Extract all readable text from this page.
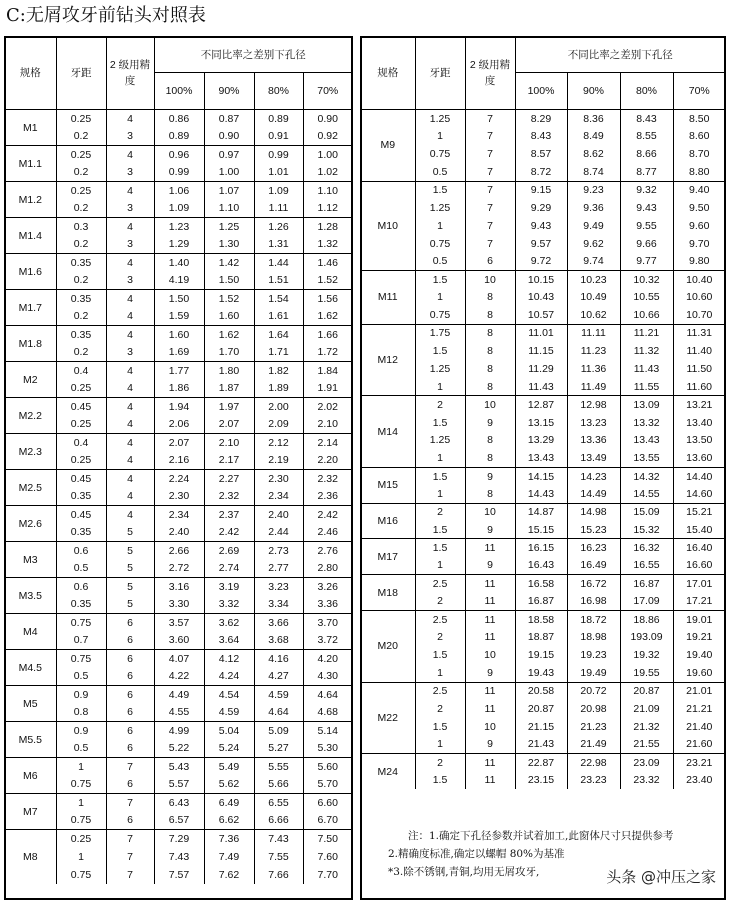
C:无屑攻牙前钻头对照表
规格	牙距	2 级用精度	不同比率之差别下孔径			
			100%	90%	80%	70%
M1	0.25	4	0.86	0.87	0.89	0.90
	0.2	3	0.89	0.90	0.91	0.92
M1.1	0.25	4	0.96	0.97	0.99	1.00
	0.2	3	0.99	1.00	1.01	1.02
M1.2	0.25	4	1.06	1.07	1.09	1.10
	0.2	3	1.09	1.10	1.11	1.12
M1.4	0.3	4	1.23	1.25	1.26	1.28
	0.2	3	1.29	1.30	1.31	1.32
M1.6	0.35	4	1.40	1.42	1.44	1.46
	0.2	3	4.19	1.50	1.51	1.52
M1.7	0.35	4	1.50	1.52	1.54	1.56
	0.2	4	1.59	1.60	1.61	1.62
M1.8	0.35	4	1.60	1.62	1.64	1.66
	0.2	3	1.69	1.70	1.71	1.72
M2	0.4	4	1.77	1.80	1.82	1.84
	0.25	4	1.86	1.87	1.89	1.91
M2.2	0.45	4	1.94	1.97	2.00	2.02
	0.25	4	2.06	2.07	2.09	2.10
M2.3	0.4	4	2.07	2.10	2.12	2.14
	0.25	4	2.16	2.17	2.19	2.20
M2.5	0.45	4	2.24	2.27	2.30	2.32
	0.35	4	2.30	2.32	2.34	2.36
M2.6	0.45	4	2.34	2.37	2.40	2.42
	0.35	5	2.40	2.42	2.44	2.46
M3	0.6	5	2.66	2.69	2.73	2.76
	0.5	5	2.72	2.74	2.77	2.80
M3.5	0.6	5	3.16	3.19	3.23	3.26
	0.35	5	3.30	3.32	3.34	3.36
M4	0.75	6	3.57	3.62	3.66	3.70
	0.7	6	3.60	3.64	3.68	3.72
M4.5	0.75	6	4.07	4.12	4.16	4.20
	0.5	6	4.22	4.24	4.27	4.30
M5	0.9	6	4.49	4.54	4.59	4.64
	0.8	6	4.55	4.59	4.64	4.68
M5.5	0.9	6	4.99	5.04	5.09	5.14
	0.5	6	5.22	5.24	5.27	5.30
M6	1	7	5.43	5.49	5.55	5.60
	0.75	6	5.57	5.62	5.66	5.70
M7	1	7	6.43	6.49	6.55	6.60
	0.75	6	6.57	6.62	6.66	6.70
M8	0.25	7	7.29	7.36	7.43	7.50
	1	7	7.43	7.49	7.55	7.60
	0.75	7	7.57	7.62	7.66	7.70
规格	牙距	2 级用精度	不同比率之差别下孔径			
			100%	90%	80%	70%
M9	1.25	7	8.29	8.36	8.43	8.50
	1	7	8.43	8.49	8.55	8.60
	0.75	7	8.57	8.62	8.66	8.70
	0.5	7	8.72	8.74	8.77	8.80
M10	1.5	7	9.15	9.23	9.32	9.40
	1.25	7	9.29	9.36	9.43	9.50
	1	7	9.43	9.49	9.55	9.60
	0.75	7	9.57	9.62	9.66	9.70
	0.5	6	9.72	9.74	9.77	9.80
M11	1.5	10	10.15	10.23	10.32	10.40
	1	8	10.43	10.49	10.55	10.60
	0.75	8	10.57	10.62	10.66	10.70
M12	1.75	8	11.01	11.11	11.21	11.31
	1.5	8	11.15	11.23	11.32	11.40
	1.25	8	11.29	11.36	11.43	11.50
	1	8	11.43	11.49	11.55	11.60
M14	2	10	12.87	12.98	13.09	13.21
	1.5	9	13.15	13.23	13.32	13.40
	1.25	8	13.29	13.36	13.43	13.50
	1	8	13.43	13.49	13.55	13.60
M15	1.5	9	14.15	14.23	14.32	14.40
	1	8	14.43	14.49	14.55	14.60
M16	2	10	14.87	14.98	15.09	15.21
	1.5	9	15.15	15.23	15.32	15.40
M17	1.5	11	16.15	16.23	16.32	16.40
	1	9	16.43	16.49	16.55	16.60
M18	2.5	11	16.58	16.72	16.87	17.01
	2	11	16.87	16.98	17.09	17.21
M20	2.5	11	18.58	18.72	18.86	19.01
	2	11	18.87	18.98	193.09	19.21
	1.5	10	19.15	19.23	19.32	19.40
	1	9	19.43	19.49	19.55	19.60
M22	2.5	11	20.58	20.72	20.87	21.01
	2	11	20.87	20.98	21.09	21.21
	1.5	10	21.15	21.23	21.32	21.40
	1	9	21.43	21.49	21.55	21.60
M24	2	11	22.87	22.98	23.09	23.21
	1.5	11	23.15	23.23	23.32	23.40
注：1.确定下孔径参数并试着加工,此窗体尺寸只提供参考
2.精确度标准,确定以螺帽 80%为基准
*3.除不锈钢,青铜,均用无屑攻牙,	头条 @冲压之家
